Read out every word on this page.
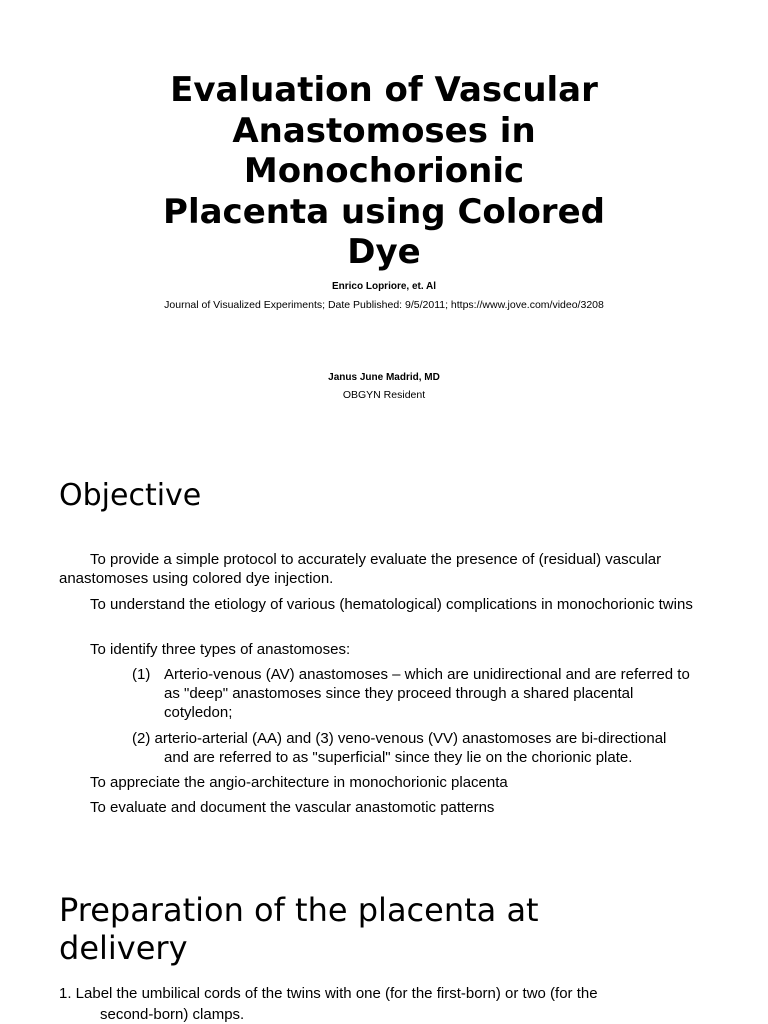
Evaluation of Vascular
Anastomoses in
Monochorionic
Placenta using Colored
Dye
Enrico Lopriore, et. Al
Journal of Visualized Experiments; Date Published: 9/5/2011; https://www.jove.com/video/3208
Janus June Madrid, MD
OBGYN Resident
Objective

To provide a simple protocol to accurately evaluate the presence of (residual) vascular anastomoses using colored dye injection.

To understand the etiology of various (hematological) complications in monochorionic twins

To identify three types of anastomoses:

(1) Arterio-venous (AV) anastomoses – which are unidirectional and are referred to as "deep" anastomoses since they proceed through a shared placental cotyledon;
(2) arterio-arterial (AA) and (3) veno-venous (VV) anastomoses are bi-directional
and are referred to as "superficial" since they lie on the chorionic plate.

To appreciate the angio-architecture in monochorionic placenta

To evaluate and document the vascular anastomotic patterns

Preparation of the placenta at
delivery
1. Label the umbilical cords of the twins with one (for the first-born) or two (for the
second-born) clamps.
